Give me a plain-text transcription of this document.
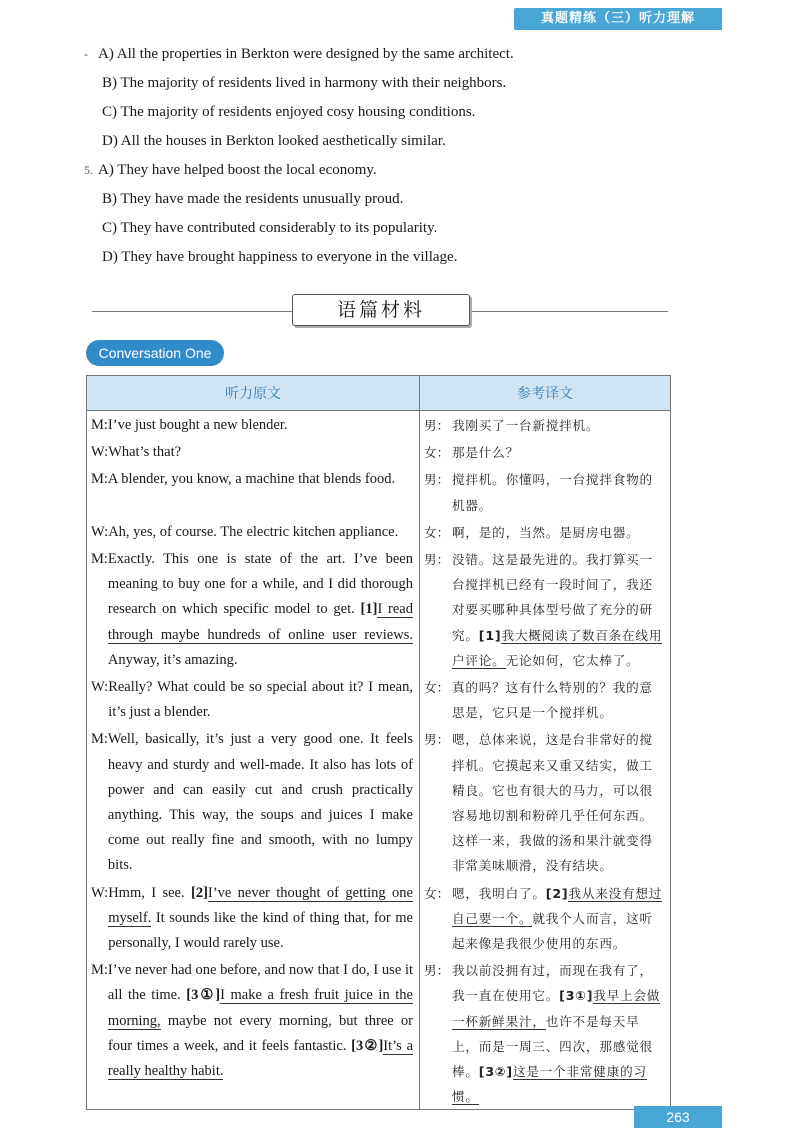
真题精练（三）听力理解
- A) All the properties in Berkton were designed by the same architect.
B) The majority of residents lived in harmony with their neighbors.
C) The majority of residents enjoyed cosy housing conditions.
D) All the houses in Berkton looked aesthetically similar.
5. A) They have helped boost the local economy.
B) They have made the residents unusually proud.
C) They have contributed considerably to its popularity.
D) They have brought happiness to everyone in the village.
语篇材料
Conversation One
听力原文	参考译文

M: I’ve just bought a new blender.	男： 我刚买了一台新搅拌机。

W: What’s that?	女： 那是什么？

M: A blender, you know, a machine that blends food.	男： 搅拌机。你懂吗，一台搅拌食物的机器。

W: Ah, yes, of course. The electric kitchen appliance.	女： 啊，是的，当然。是厨房电器。

M: Exactly. This one is state of the art. I’ve been meaning to buy one for a while, and I did thorough research on which specific model to get. [1]I read through maybe hundreds of online user reviews. Anyway, it’s amazing.	男： 没错。这是最先进的。我打算买一台搅拌机已经有一段时间了，我还对要买哪种具体型号做了充分的研究。[1]我大概阅读了数百条在线用户评论。无论如何，它太棒了。

W: Really? What could be so special about it? I mean, it’s just a blender.	女： 真的吗？这有什么特别的？我的意思是，它只是一个搅拌机。

M: Well, basically, it’s just a very good one. It feels heavy and sturdy and well-made. It also has lots of power and can easily cut and crush practically anything. This way, the soups and juices I make come out really fine and smooth, with no lumpy bits.	男： 嗯，总体来说，这是台非常好的搅拌机。它摸起来又重又结实，做工精良。它也有很大的马力，可以很容易地切割和粉碎几乎任何东西。这样一来，我做的汤和果汁就变得非常美味顺滑，没有结块。

W: Hmm, I see. [2]I’ve never thought of getting one myself. It sounds like the kind of thing that, for me personally, I would rarely use.	女： 嗯，我明白了。[2]我从来没有想过自己要一个。就我个人而言，这听起来像是我很少使用的东西。

M: I’ve never had one before, and now that I do, I use it all the time. [3①]I make a fresh fruit juice in the morning, maybe not every morning, but three or four times a week, and it feels fantastic. [3②]It’s a really healthy habit.	男： 我以前没拥有过，而现在我有了，我一直在使用它。[3①]我早上会做一杯新鲜果汁，也许不是每天早上，而是一周三、四次，那感觉很棒。[3②]这是一个非常健康的习惯。
263
